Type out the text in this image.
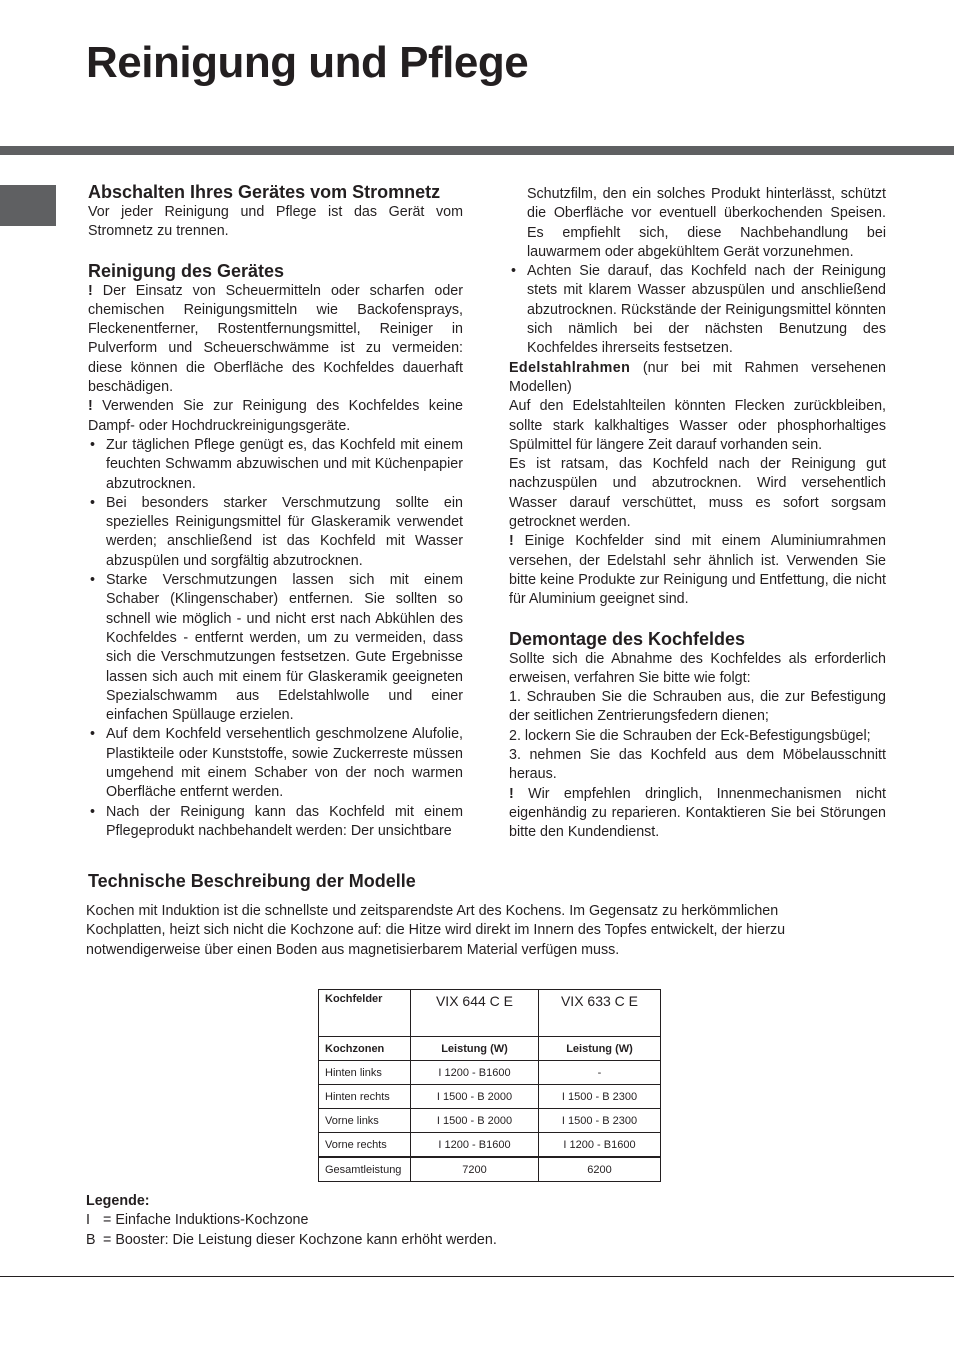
Reinigung und Pflege
Abschalten Ihres Gerätes vom Stromnetz

Vor jeder Reinigung und Pflege ist das Gerät vom Stromnetz zu trennen.

Reinigung des Gerätes

! Der Einsatz von Scheuermitteln oder scharfen oder chemischen Reinigungsmitteln wie Backofensprays, Fleckenentferner, Rostentfernungsmittel, Reiniger in Pulverform und Scheuerschwämme ist zu vermeiden: diese können die Oberfläche des Kochfeldes dauerhaft beschädigen.

! Verwenden Sie zur Reinigung des Kochfeldes keine Dampf- oder Hochdruckreinigungsgeräte.

• Zur täglichen Pflege genügt es, das Kochfeld mit einem feuchten Schwamm abzuwischen und mit Küchenpapier abzutrocknen.
• Bei besonders starker Verschmutzung sollte ein spezielles Reinigungsmittel für Glaskeramik verwendet werden; anschließend ist das Kochfeld mit Wasser abzuspülen und sorgfältig abzutrocknen.
• Starke Verschmutzungen lassen sich mit einem Schaber (Klingenschaber) entfernen. Sie sollten so schnell wie möglich - und nicht erst nach Abkühlen des Kochfeldes - entfernt werden, um zu vermeiden, dass sich die Verschmutzungen festsetzen. Gute Ergebnisse lassen sich auch mit einem für Glaskeramik geeigneten Spezialschwamm aus Edelstahlwolle und einer einfachen Spüllauge erzielen.
• Auf dem Kochfeld versehentlich geschmolzene Alufolie, Plastikteile oder Kunststoffe, sowie Zuckerreste müssen umgehend mit einem Schaber von der noch warmen Oberfläche entfernt werden.
• Nach der Reinigung kann das Kochfeld mit einem Pflegeprodukt nachbehandelt werden: Der unsichtbare

Schutzfilm, den ein solches Produkt hinterlässt, schützt die Oberfläche vor eventuell überkochenden Speisen. Es empfiehlt sich, diese Nachbehandlung bei lauwarmem oder abgekühltem Gerät vorzunehmen.

• Achten Sie darauf, das Kochfeld nach der Reinigung stets mit klarem Wasser abzuspülen und anschließend abzutrocknen. Rückstände der Reinigungsmittel könnten sich nämlich bei der nächsten Benutzung des Kochfeldes ihrerseits festsetzen.

Edelstahlrahmen (nur bei mit Rahmen versehenen Modellen)

Auf den Edelstahlteilen könnten Flecken zurückbleiben, sollte stark kalkhaltiges Wasser oder phosphorhaltiges Spülmittel für längere Zeit darauf vorhanden sein.

Es ist ratsam, das Kochfeld nach der Reinigung gut nachzuspülen und abzutrocknen. Wird versehentlich Wasser darauf verschüttet, muss es sofort sorgsam getrocknet werden.

! Einige Kochfelder sind mit einem Aluminiumrahmen versehen, der Edelstahl sehr ähnlich ist. Verwenden Sie bitte keine Produkte zur Reinigung und Entfettung, die nicht für Aluminium geeignet sind.

Demontage des Kochfeldes

Sollte sich die Abnahme des Kochfeldes als erforderlich erweisen, verfahren Sie bitte wie folgt:

1. Schrauben Sie die Schrauben aus, die zur Befestigung der seitlichen Zentrierungsfedern dienen;

2. lockern Sie die Schrauben der Eck-Befestigungsbügel;

3. nehmen Sie das Kochfeld aus dem Möbelausschnitt heraus.

! Wir empfehlen dringlich, Innenmechanismen nicht eigenhändig zu reparieren. Kontaktieren Sie bei Störungen bitte den Kundendienst.

Technische Beschreibung der Modelle

Kochen mit Induktion ist die schnellste und zeitsparendste Art des Kochens. Im Gegensatz zu herkömmlichen Kochplatten, heizt sich nicht die Kochzone auf: die Hitze wird direkt im Innern des Topfes entwickelt, der hierzu notwendigerweise über einen Boden aus magnetisierbarem Material verfügen muss.

Kochfelder	VIX 644 C E	VIX 633 C E
Kochzonen	Leistung (W)	Leistung (W)
Hinten links	I 1200 - B1600	-
Hinten rechts	I 1500 - B 2000	I 1500 - B 2300
Vorne links	I 1500 - B 2000	I 1500 - B 2300
Vorne rechts	I 1200 - B1600	I 1200 - B1600
Gesamtleistung	7200	6200
Legende:
I = Einfache Induktions-Kochzone
B = Booster: Die Leistung dieser Kochzone kann erhöht werden.
